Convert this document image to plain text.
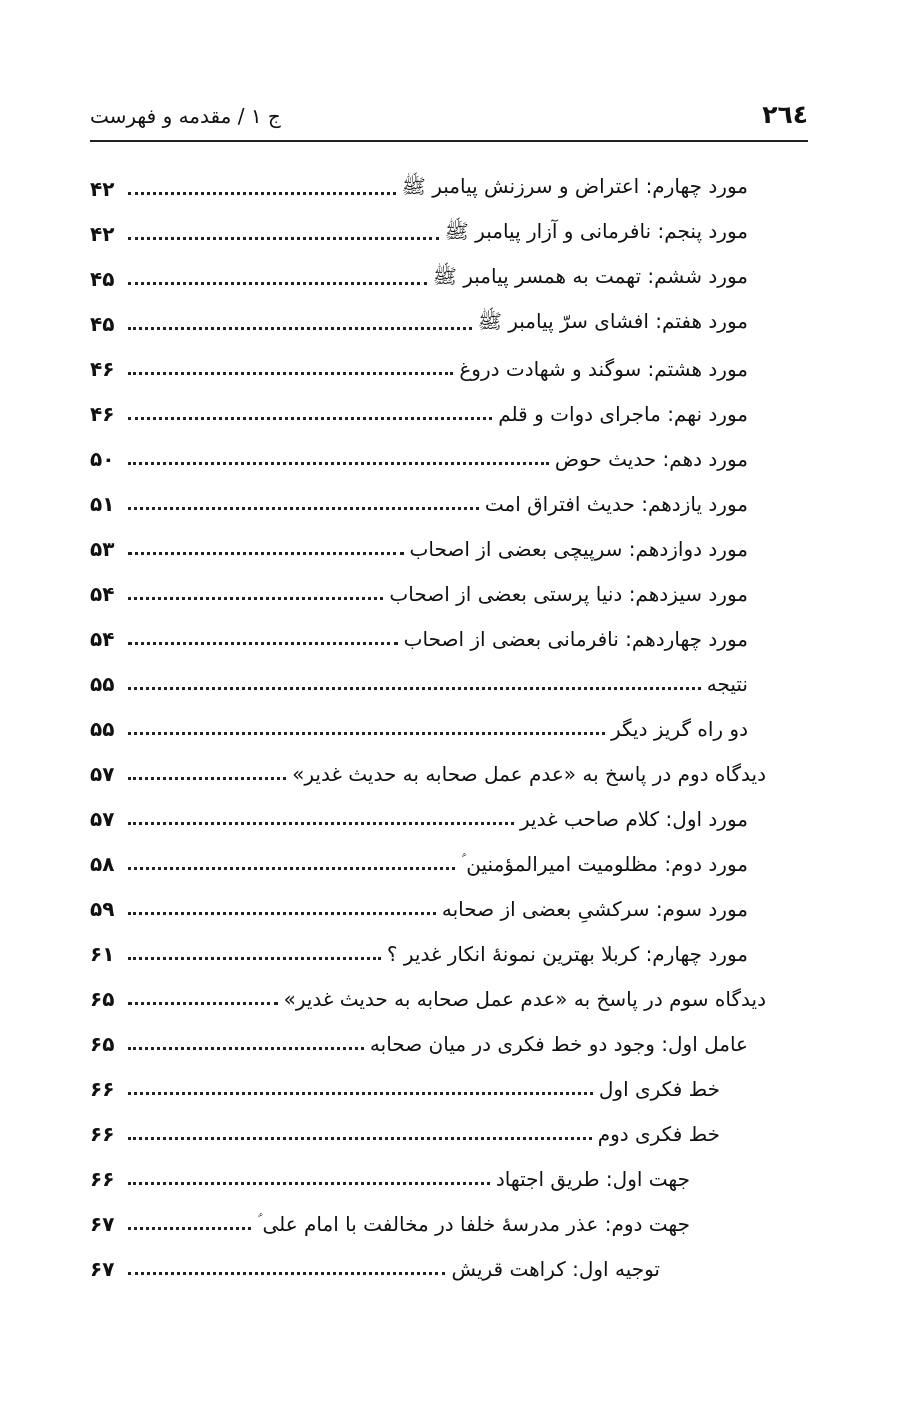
٢٦٤
ج ۱ / مقدمه و فهرست
۴۲	مورد چهارم: اعتراض و سرزنش پیامبر ﷺ
۴۲	مورد پنجم: نافرمانی و آزار پیامبر ﷺ
۴۵	مورد ششم: تهمت به همسر پیامبر ﷺ
۴۵	مورد هفتم: افشای سرّ پیامبر ﷺ
۴۶	مورد هشتم: سوگند و شهادت دروغ
۴۶	مورد نهم: ماجرای دوات و قلم
۵۰	مورد دهم: حدیث حوض
۵۱	مورد یازدهم: حدیث افتراق امت
۵۳	مورد دوازدهم: سرپیچی بعضی از اصحاب
۵۴	مورد سیزدهم: دنیا پرستی بعضی از اصحاب
۵۴	مورد چهاردهم: نافرمانی بعضی از اصحاب
۵۵	نتیجه
۵۵	دو راه گریز دیگر
۵۷	دیدگاه دوم در پاسخ به «عدم عمل صحابه به حدیث غدیر»
۵۷	مورد اول: کلام صاحب غدیر
۵۸	مورد دوم: مظلومیت امیرالمؤمنین ؑ
۵۹	مورد سوم: سرکشیِ بعضی از صحابه
۶۱	مورد چهارم: کربلا بهترین نمونۀ انکار غدیر ؟
۶۵	دیدگاه سوم در پاسخ به «عدم عمل صحابه به حدیث غدیر»
۶۵	عامل اول: وجود دو خط فکری در میان صحابه
۶۶	خط فکری اول
۶۶	خط فکری دوم
۶۶	جهت اول: طریق اجتهاد
۶۷	جهت دوم: عذر مدرسۀ خلفا در مخالفت با امام علی ؑ
۶۷	توجیه اول: کراهت قریش
